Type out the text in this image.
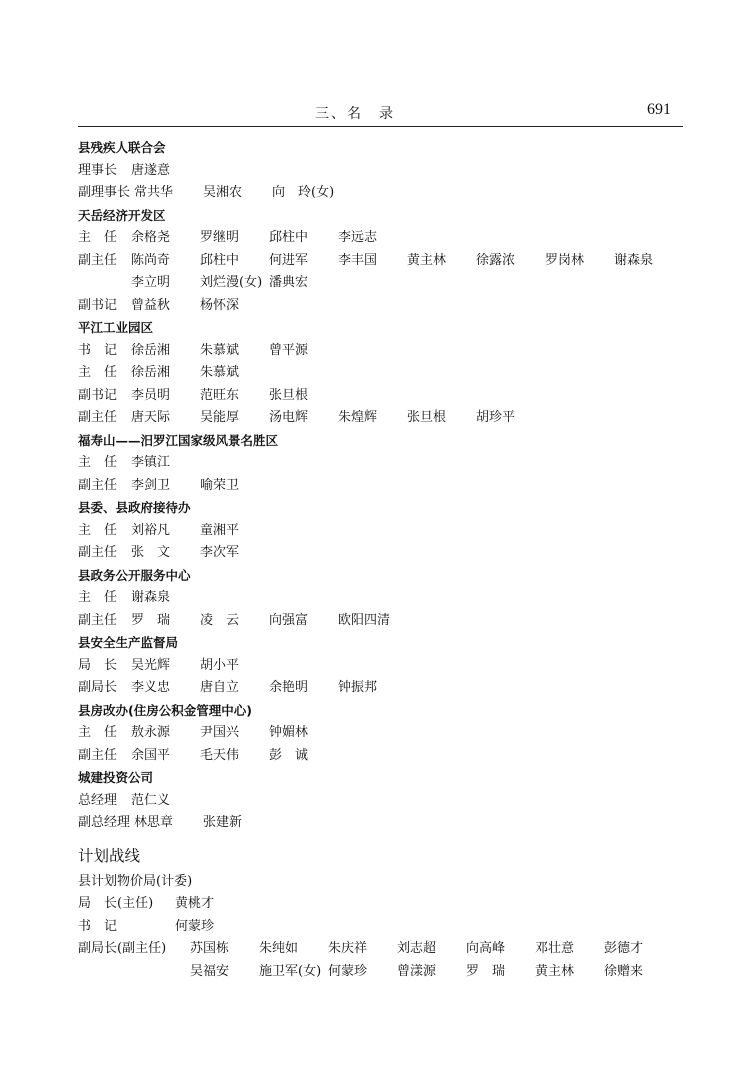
三、名　录	691
县残疾人联合会
理事长 唐遂意
副理事长 常共华 吴湘农 向　玲(女)
天岳经济开发区
主　任 余格尧 罗继明 邱柱中 李远志
副主任 陈尚奇 邱柱中 何进军 李丰国 黄主林 徐露浓 罗岗林 谢森泉
李立明 刘烂漫(女) 潘典宏
副书记 曾益秋 杨怀深
平江工业园区
书　记 徐岳湘 朱慕斌 曾平源
主　任 徐岳湘 朱慕斌
副书记 李员明 范旺东 张旦根
副主任 唐天际 吴能厚 汤电辉 朱煌辉 张旦根 胡珍平
福寿山——汨罗江国家级风景名胜区
主　任 李镇江
副主任 李剑卫 喻荣卫
县委、县政府接待办
主　任 刘裕凡 童湘平
副主任 张　文 李次军
县政务公开服务中心
主　任 谢森泉
副主任 罗　瑞 凌　云 向强富 欧阳四清
县安全生产监督局
局　长 吴光辉 胡小平
副局长 李义忠 唐自立 余艳明 钟振邦
县房改办(住房公积金管理中心)
主　任 敖永源 尹国兴 钟媚林
副主任 余国平 毛天伟 彭　诚
城建投资公司
总经理 范仁义
副总经理 林思章 张建新
计划战线
县计划物价局(计委)
局　长(主任) 黄桃才
书　记	何蒙珍
副局长(副主任) 苏国栋 朱纯如 朱庆祥 刘志超 向高峰 邓壮意 彭德才
吴福安 施卫军(女) 何蒙珍 曾漾源 罗　瑞 黄主林 徐赠来
